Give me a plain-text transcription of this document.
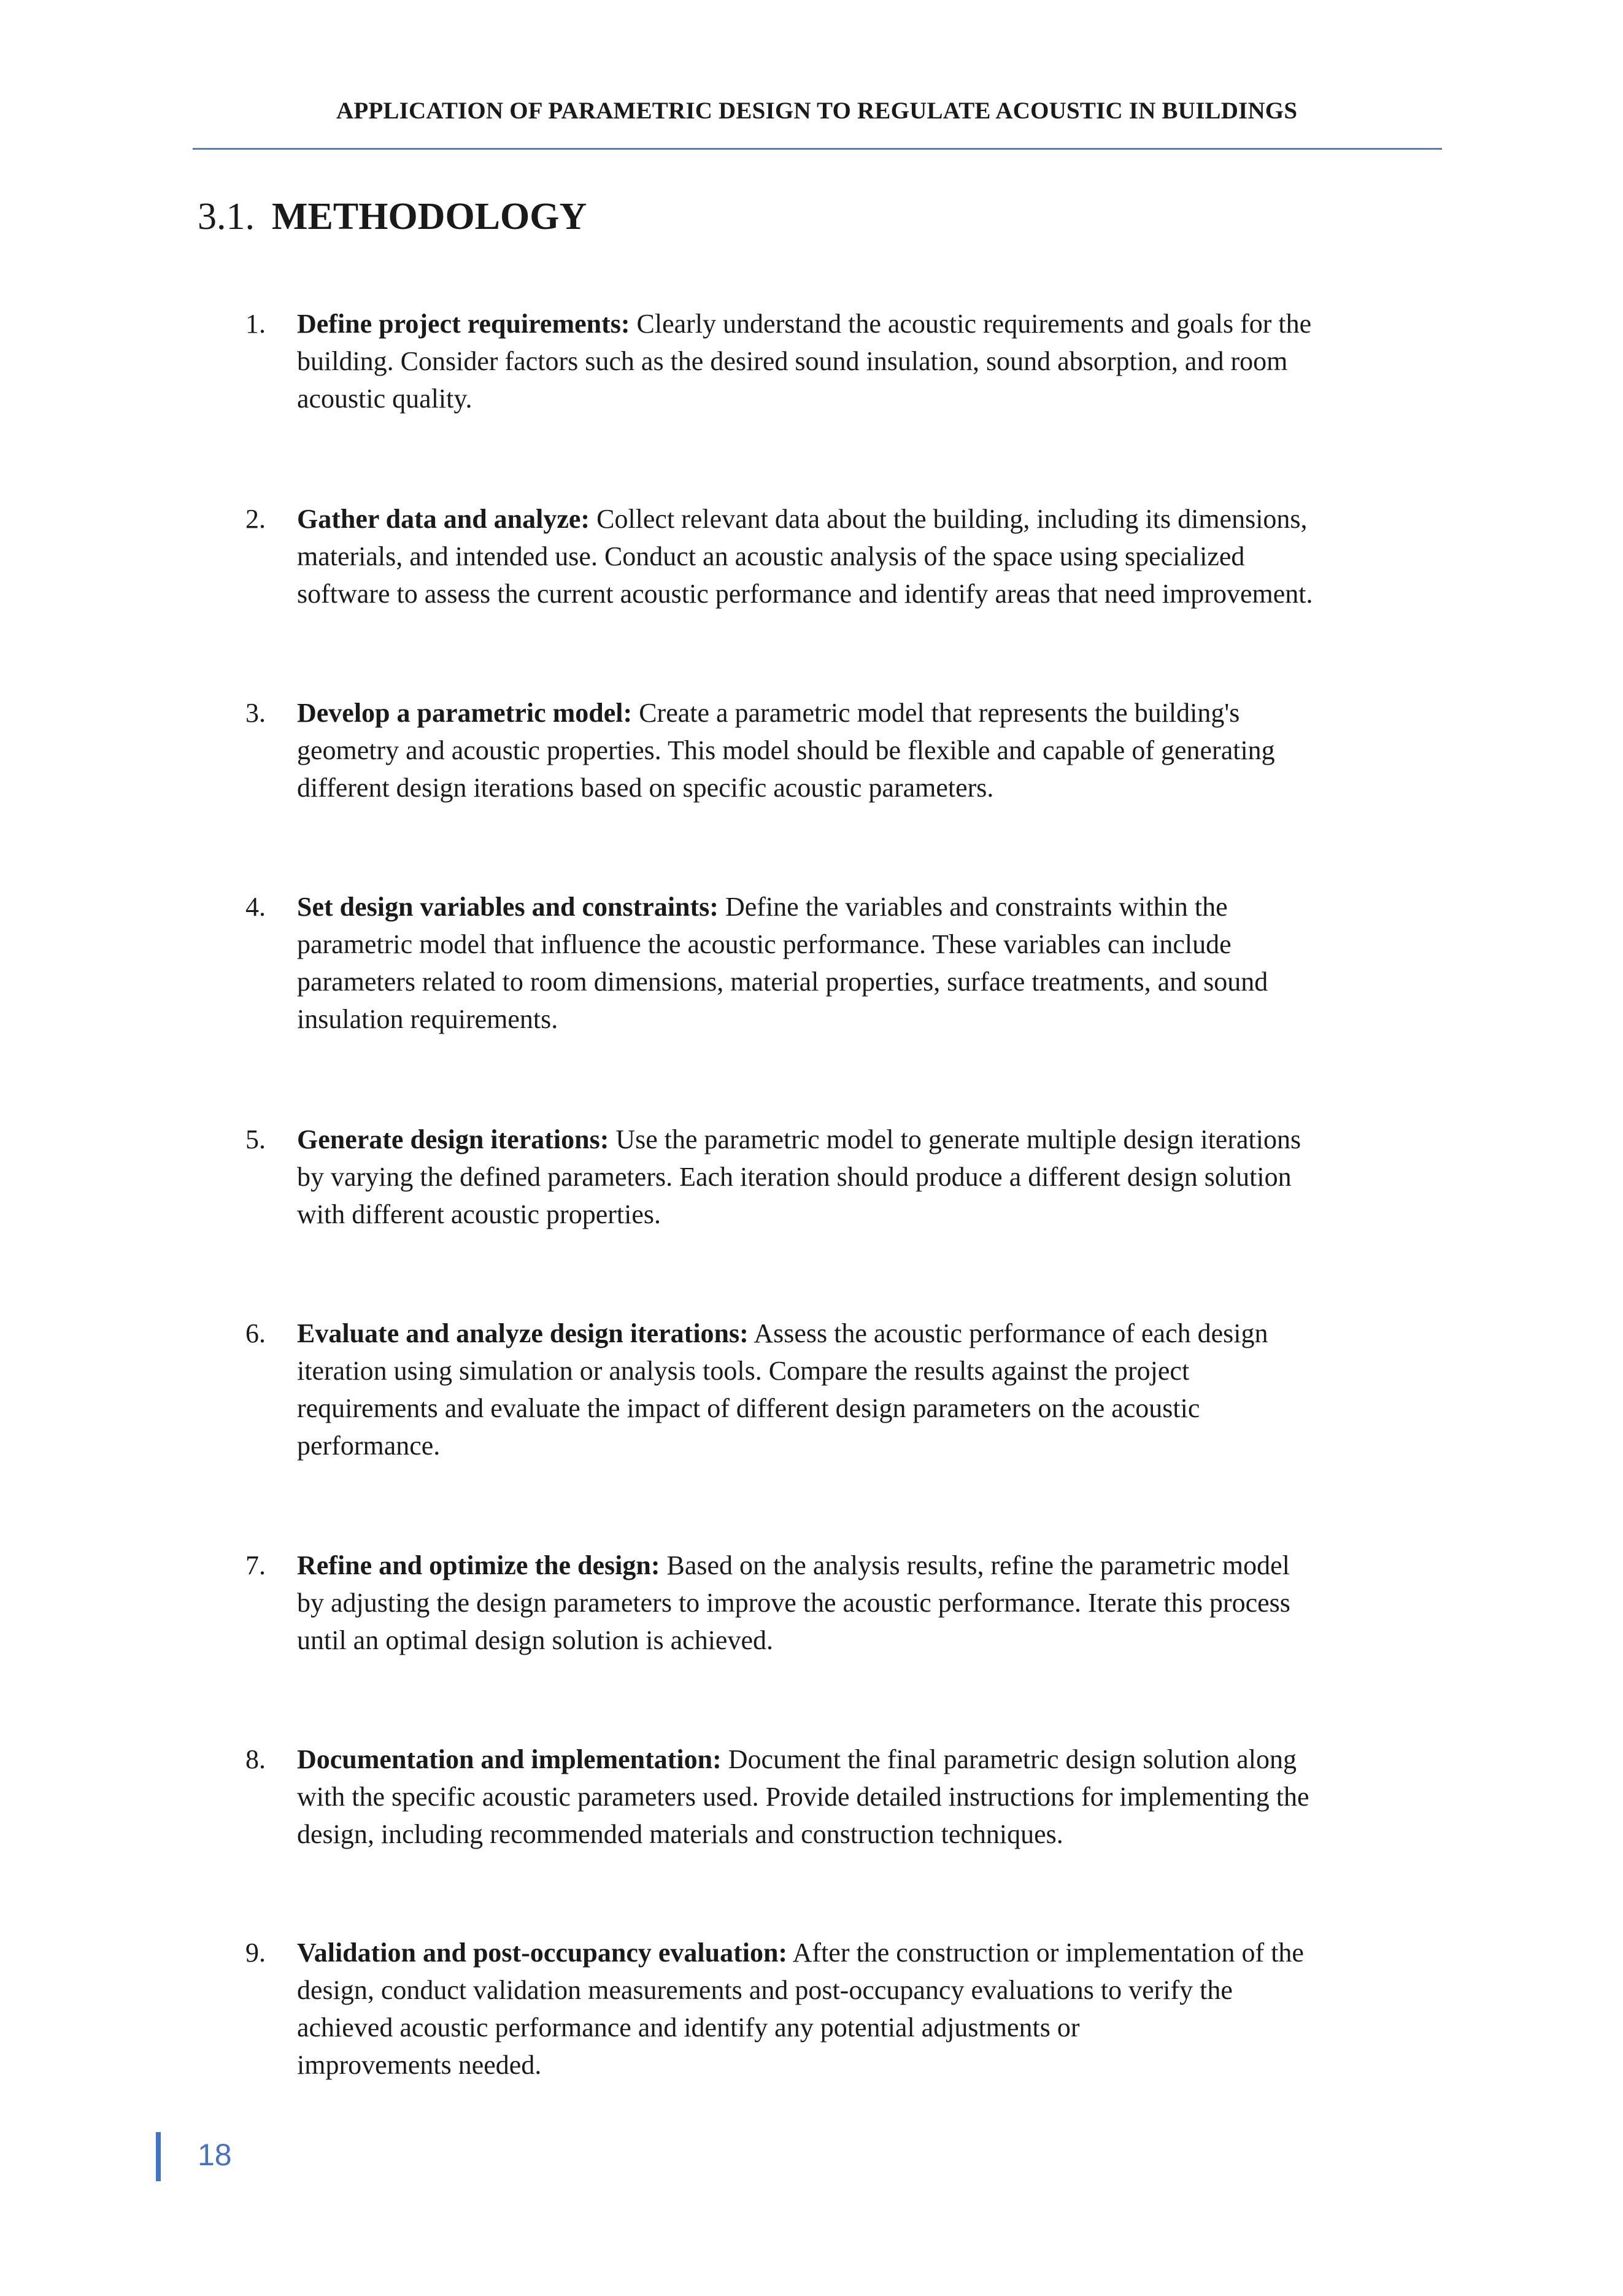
APPLICATION OF PARAMETRIC DESIGN TO REGULATE ACOUSTIC IN BUILDINGS
3.1. METHODOLOGY
1.	Define project requirements: Clearly understand the acoustic requirements and goals for the
building. Consider factors such as the desired sound insulation, sound absorption, and room
acoustic quality.
2.	Gather data and analyze: Collect relevant data about the building, including its dimensions,
materials, and intended use. Conduct an acoustic analysis of the space using specialized
software to assess the current acoustic performance and identify areas that need improvement.
3.	Develop a parametric model: Create a parametric model that represents the building's
geometry and acoustic properties. This model should be flexible and capable of generating
different design iterations based on specific acoustic parameters.
4.	Set design variables and constraints: Define the variables and constraints within the
parametric model that influence the acoustic performance. These variables can include
parameters related to room dimensions, material properties, surface treatments, and sound
insulation requirements.
5.	Generate design iterations: Use the parametric model to generate multiple design iterations
by varying the defined parameters. Each iteration should produce a different design solution
with different acoustic properties.
6.	Evaluate and analyze design iterations: Assess the acoustic performance of each design
iteration using simulation or analysis tools. Compare the results against the project
requirements and evaluate the impact of different design parameters on the acoustic
performance.
7.	Refine and optimize the design: Based on the analysis results, refine the parametric model
by adjusting the design parameters to improve the acoustic performance. Iterate this process
until an optimal design solution is achieved.
8.	Documentation and implementation: Document the final parametric design solution along
with the specific acoustic parameters used. Provide detailed instructions for implementing the
design, including recommended materials and construction techniques.
9.	Validation and post-occupancy evaluation: After the construction or implementation of the
design, conduct validation measurements and post-occupancy evaluations to verify the
achieved acoustic performance and identify any potential adjustments or
improvements needed.
18
